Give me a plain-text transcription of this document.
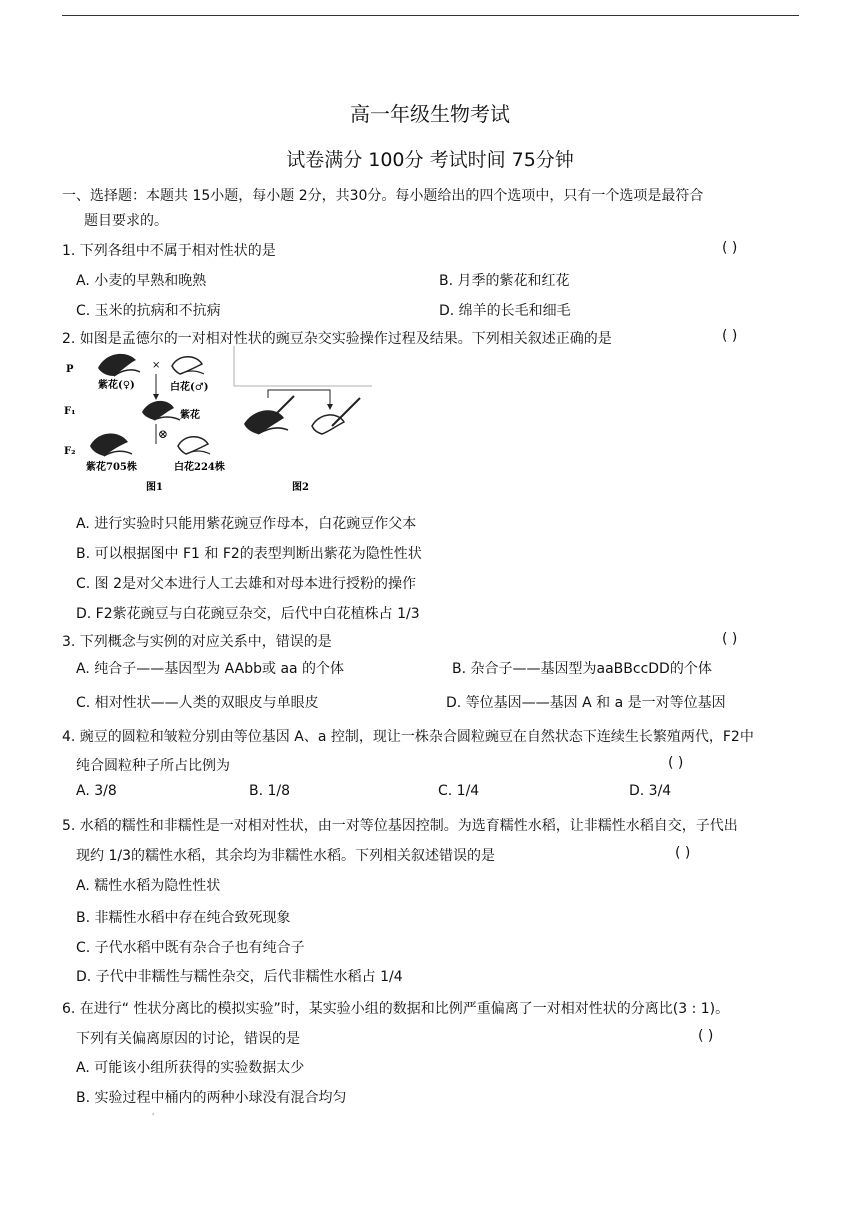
高一年级生物考试
试卷满分 100分 考试时间 75分钟
一、选择题：本题共 15小题，每小题 2分，共30分。每小题给出的四个选项中，只有一个选项是最符合
题目要求的。
1. 下列各组中不属于相对性状的是	( )
A. 小麦的早熟和晚熟	B. 月季的紫花和红花
C. 玉米的抗病和不抗病	D. 绵羊的长毛和细毛
2. 如图是孟德尔的一对相对性状的豌豆杂交实验操作过程及结果。下列相关叙述正确的是	( )
P
F₁
F₂
紫花(♀)
×
白花(♂)
紫花
⊗
紫花705株	白花224株
图1	图2
A. 进行实验时只能用紫花豌豆作母本，白花豌豆作父本
B. 可以根据图中 F1 和 F2的表型判断出紫花为隐性性状
C. 图 2是对父本进行人工去雄和对母本进行授粉的操作
D. F2紫花豌豆与白花豌豆杂交，后代中白花植株占 1/3
3. 下列概念与实例的对应关系中，错误的是	( )
A. 纯合子——基因型为 AAbb或 aa 的个体	B. 杂合子——基因型为aaBBccDD的个体
C. 相对性状——人类的双眼皮与单眼皮	D. 等位基因——基因 A 和 a 是一对等位基因
4. 豌豆的圆粒和皱粒分别由等位基因 A、a 控制，现让一株杂合圆粒豌豆在自然状态下连续生长繁殖两代，F2中
纯合圆粒种子所占比例为	( )
A. 3/8	B. 1/8	C. 1/4	D. 3/4
5. 水稻的糯性和非糯性是一对相对性状，由一对等位基因控制。为选育糯性水稻，让非糯性水稻自交，子代出
现约 1/3的糯性水稻，其余均为非糯性水稻。下列相关叙述错误的是	( )
A. 糯性水稻为隐性性状
B. 非糯性水稻中存在纯合致死现象
C. 子代水稻中既有杂合子也有纯合子
D. 子代中非糯性与糯性杂交，后代非糯性水稻占 1/4
6. 在进行“ 性状分离比的模拟实验”时，某实验小组的数据和比例严重偏离了一对相对性状的分离比(3 : 1)。
下列有关偏离原因的讨论，错误的是	( )
A. 可能该小组所获得的实验数据太少
B. 实验过程中桶内的两种小球没有混合均匀
'
